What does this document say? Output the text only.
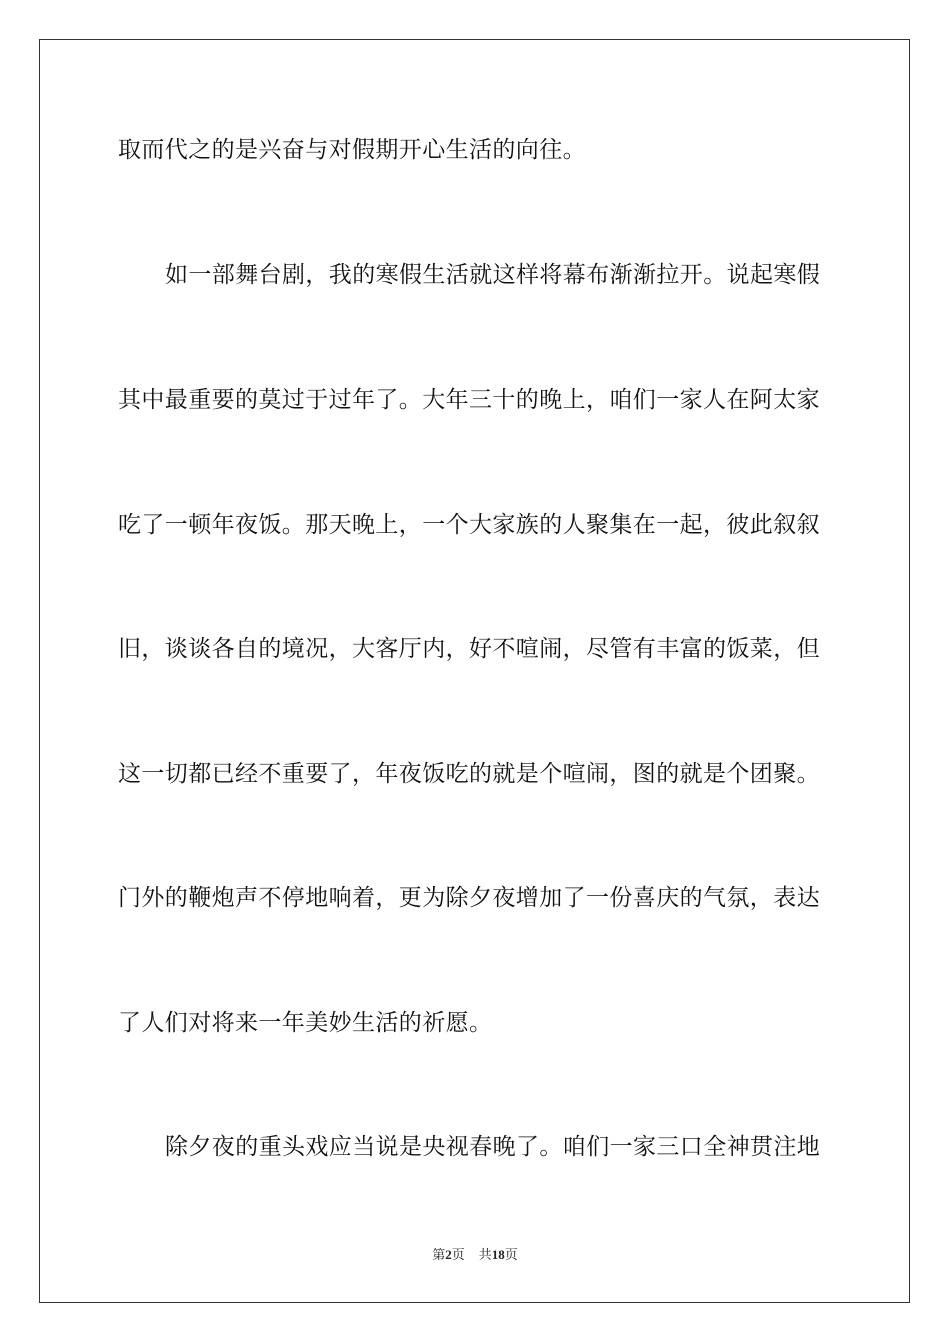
取而代之的是兴奋与对假期开心生活的向往。
如一部舞台剧，我的寒假生活就这样将幕布渐渐拉开。说起寒假
其中最重要的莫过于过年了。大年三十的晚上，咱们一家人在阿太家
吃了一顿年夜饭。那天晚上，一个大家族的人聚集在一起，彼此叙叙
旧，谈谈各自的境况，大客厅内，好不喧闹，尽管有丰富的饭菜，但
这一切都已经不重要了，年夜饭吃的就是个喧闹，图的就是个团聚。
门外的鞭炮声不停地响着，更为除夕夜增加了一份喜庆的气氛，表达
了人们对将来一年美妙生活的祈愿。
除夕夜的重头戏应当说是央视春晚了。咱们一家三口全神贯注地
第2页 共18页
